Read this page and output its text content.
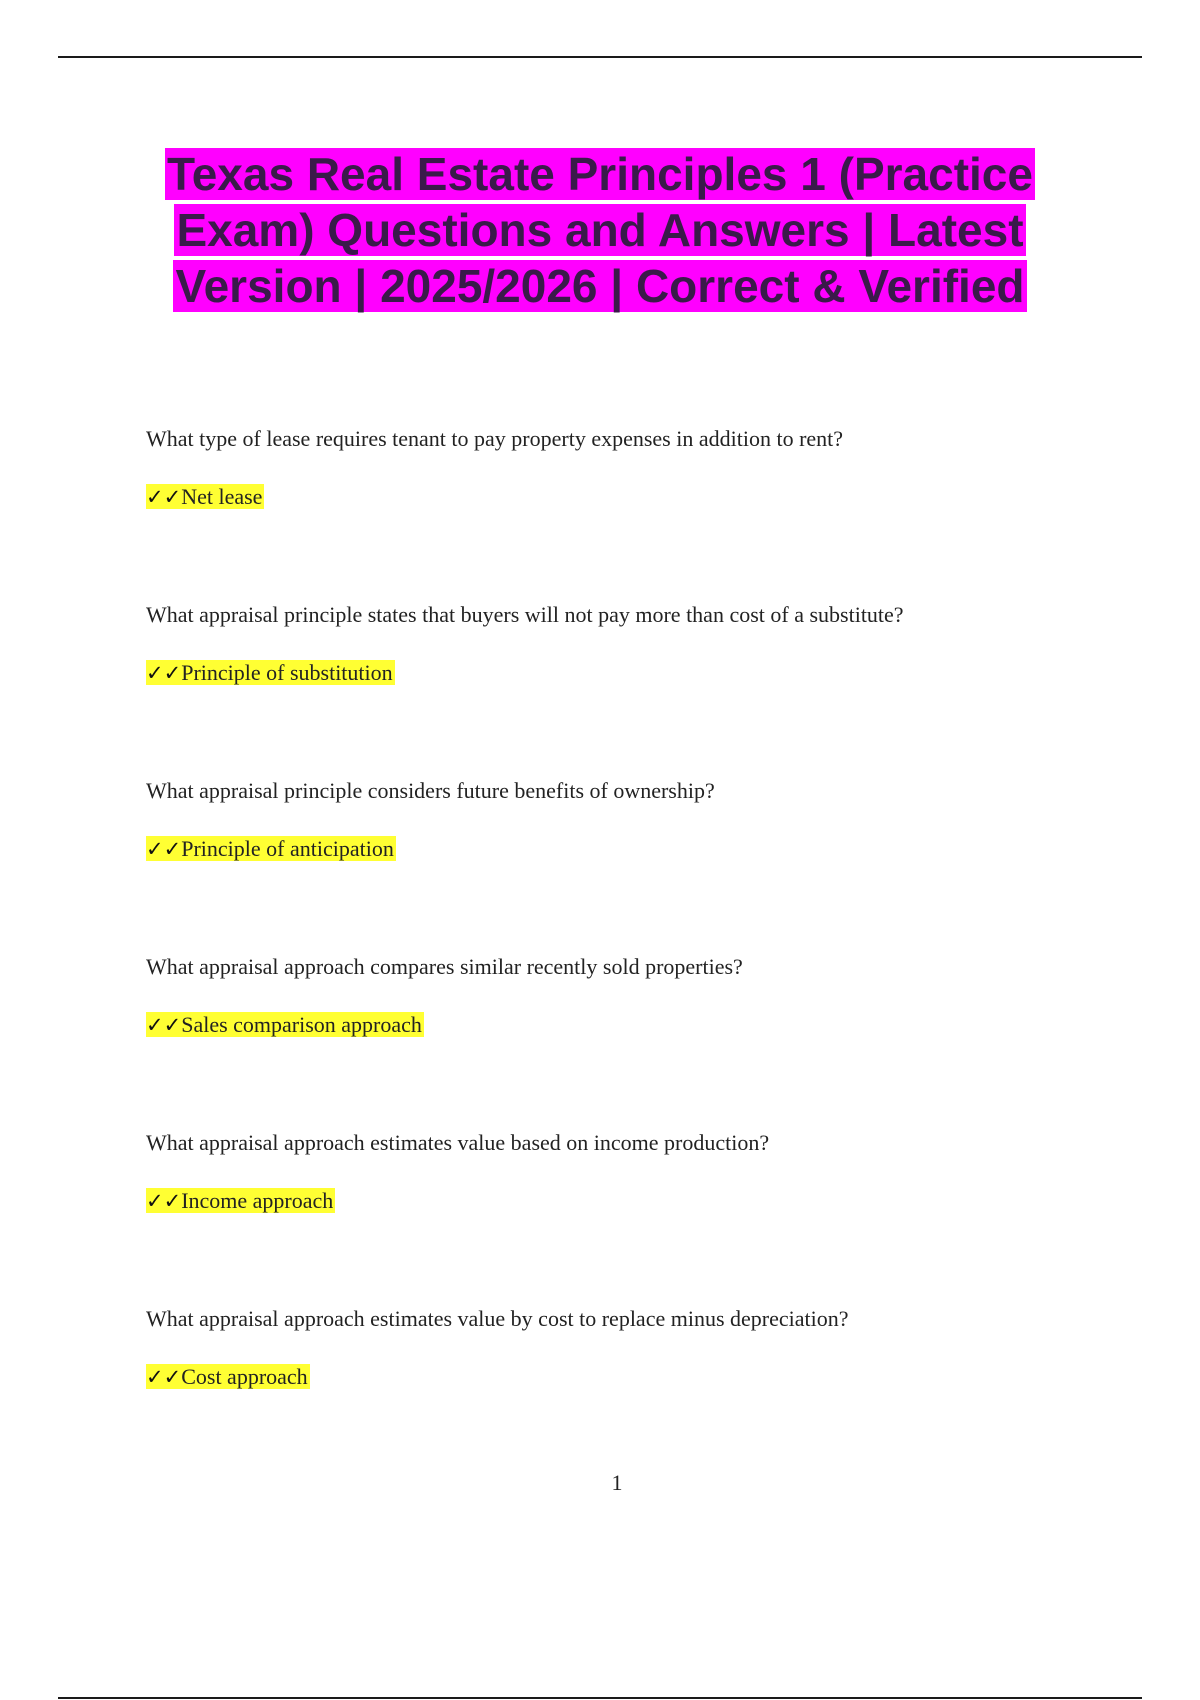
Texas Real Estate Principles 1 (Practice Exam) Questions and Answers | Latest Version | 2025/2026 | Correct & Verified

What type of lease requires tenant to pay property expenses in addition to rent?

✓✓Net lease

What appraisal principle states that buyers will not pay more than cost of a substitute?

✓✓Principle of substitution

What appraisal principle considers future benefits of ownership?

✓✓Principle of anticipation

What appraisal approach compares similar recently sold properties?

✓✓Sales comparison approach

What appraisal approach estimates value based on income production?

✓✓Income approach

What appraisal approach estimates value by cost to replace minus depreciation?

✓✓Cost approach

1
